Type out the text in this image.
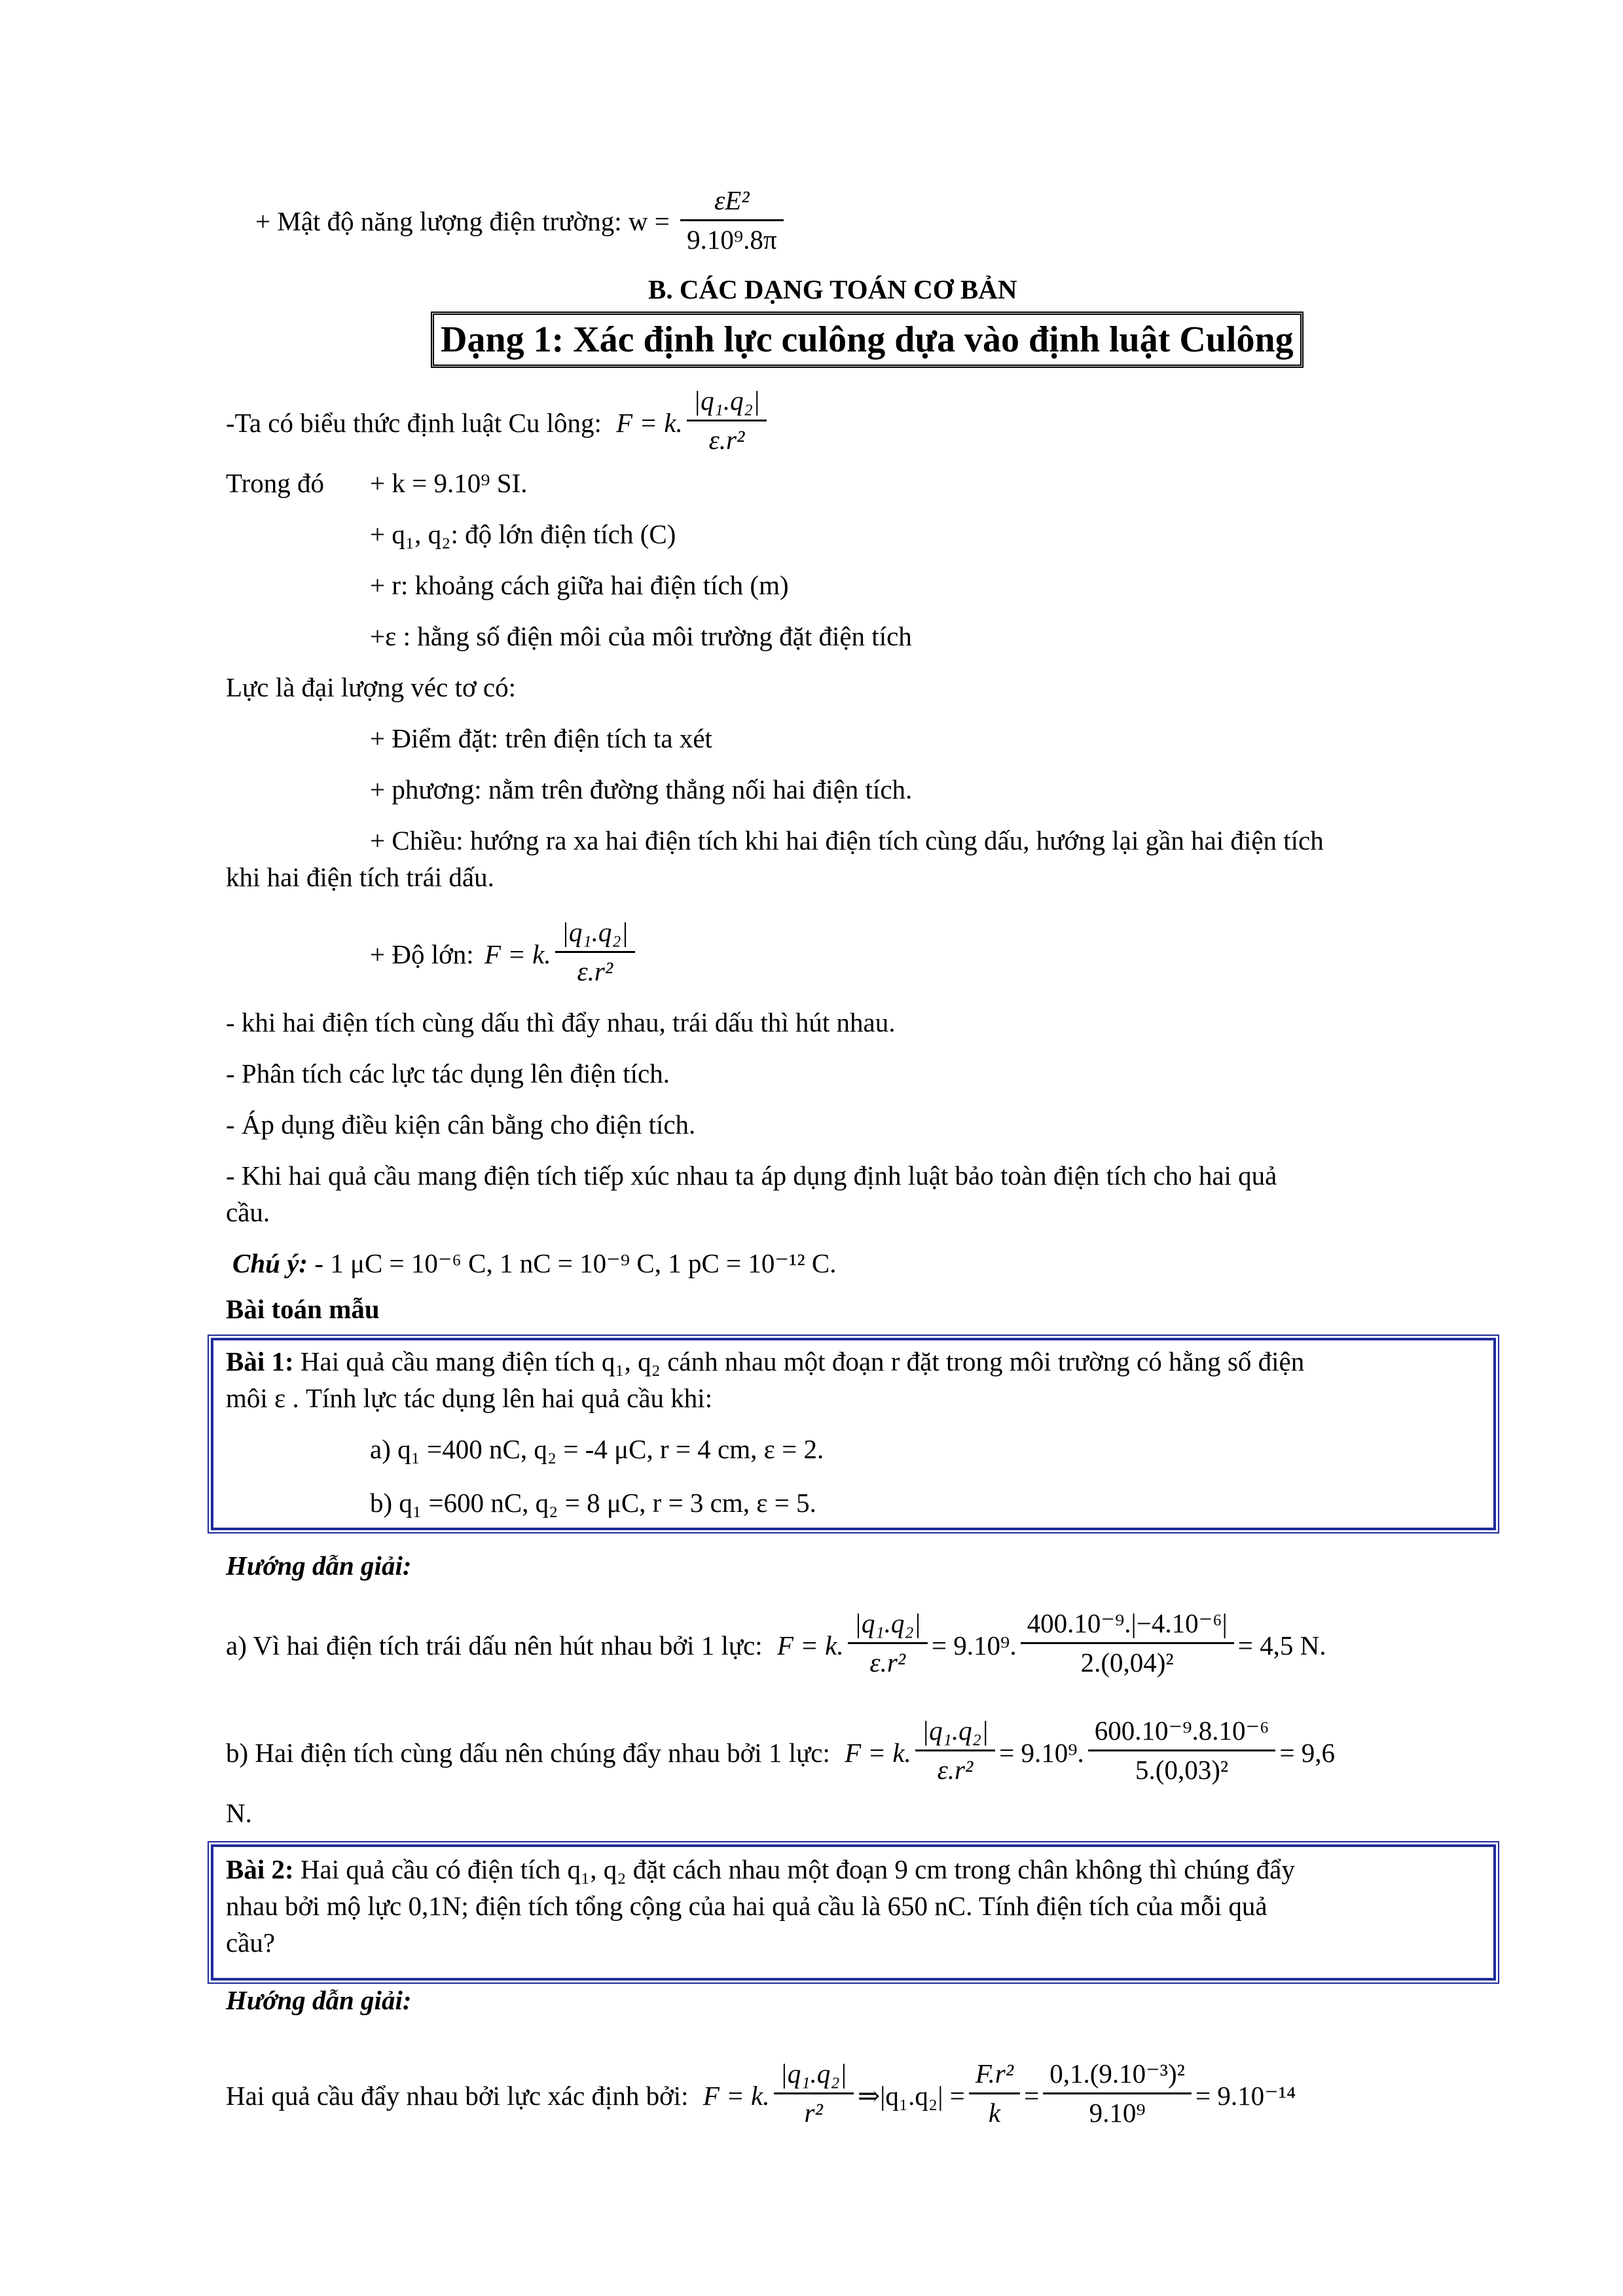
+ Mật độ năng lượng điện trường: $w = \frac{\text{εE²}}{\text{9.10⁹.8π}}$
B. CÁC DẠNG TOÁN CƠ BẢN
Dạng 1: Xác định lực culông dựa vào định luật Culông
-Ta có biểu thức định luật Cu lông: F = k. $\frac{\text{|q₁.q₂|}}{\text{ε.r²}}$
Trong đó + k = 9.10⁹ SI.
+ q₁, q₂: độ lớn điện tích (C)
+ r: khoảng cách giữa hai điện tích (m)
+ε : hằng số điện môi của môi trường đặt điện tích
Lực là đại lượng véc tơ có:
+ Điểm đặt: trên điện tích ta xét
+ phương: nằm trên đường thẳng nối hai điện tích.
+ Chiều: hướng ra xa hai điện tích khi hai điện tích cùng dấu, hướng lại gần hai điện tích
khi hai điện tích trái dấu.
+ Độ lớn: F = k. $\frac{\text{|q₁.q₂|}}{\text{ε.r²}}$
- khi hai điện tích cùng dấu thì đẩy nhau, trái dấu thì hút nhau.
- Phân tích các lực tác dụng lên điện tích.
- Áp dụng điều kiện cân bằng cho điện tích.
- Khi hai quả cầu mang điện tích tiếp xúc nhau ta áp dụng định luật bảo toàn điện tích cho hai quả
cầu.
Chú ý: - 1 μC = 10⁻⁶ C, 1 nC = 10⁻⁹ C, 1 pC = 10⁻¹² C.
Bài toán mẫu
Bài 1: Hai quả cầu mang điện tích q₁, q₂ cánh nhau một đoạn r đặt trong môi trường có hằng số điện
môi ε . Tính lực tác dụng lên hai quả cầu khi:
a) q₁ =400 nC, q₂ = -4 μC, r = 4 cm, ε = 2.
b) q₁ =600 nC, q₂ = 8 μC, r = 3 cm, ε = 5.
Hướng dẫn giải:
a) Vì hai điện tích trái dấu nên hút nhau bởi 1 lực: F = k. $\frac{\text{|q₁.q₂|}}{\text{ε.r²}} = 9.10^9$. $\frac{\text{400.10⁻⁹.|−4.10⁻⁶|}}{\text{2.(0,04)²}} = 4,5$ N.
b) Hai điện tích cùng dấu nên chúng đẩy nhau bởi 1 lực: F = k. $\frac{\text{|q₁.q₂|}}{\text{ε.r²}} = 9.10^9$. $\frac{\text{600.10⁻⁹.8.10⁻⁶}}{\text{5.(0,03)²}} = 9,6$
N.
Bài 2: Hai quả cầu có điện tích q₁, q₂ đặt cách nhau một đoạn 9 cm trong chân không thì chúng đẩy
nhau bởi mộ lực 0,1N; điện tích tổng cộng của hai quả cầu là 650 nC. Tính điện tích của mỗi quả
cầu?
Hướng dẫn giải:
Hai quả cầu đẩy nhau bởi lực xác định bởi: F = k. $\frac{\text{|q₁.q₂|}}{\text{r²}}$ ⇒|q₁.q₂| = $\frac{\text{F.r²}}{k} = \frac{\text{0,1.(9.10⁻³)²}}{\text{9.10⁹}} = 9.10^{-14}$
